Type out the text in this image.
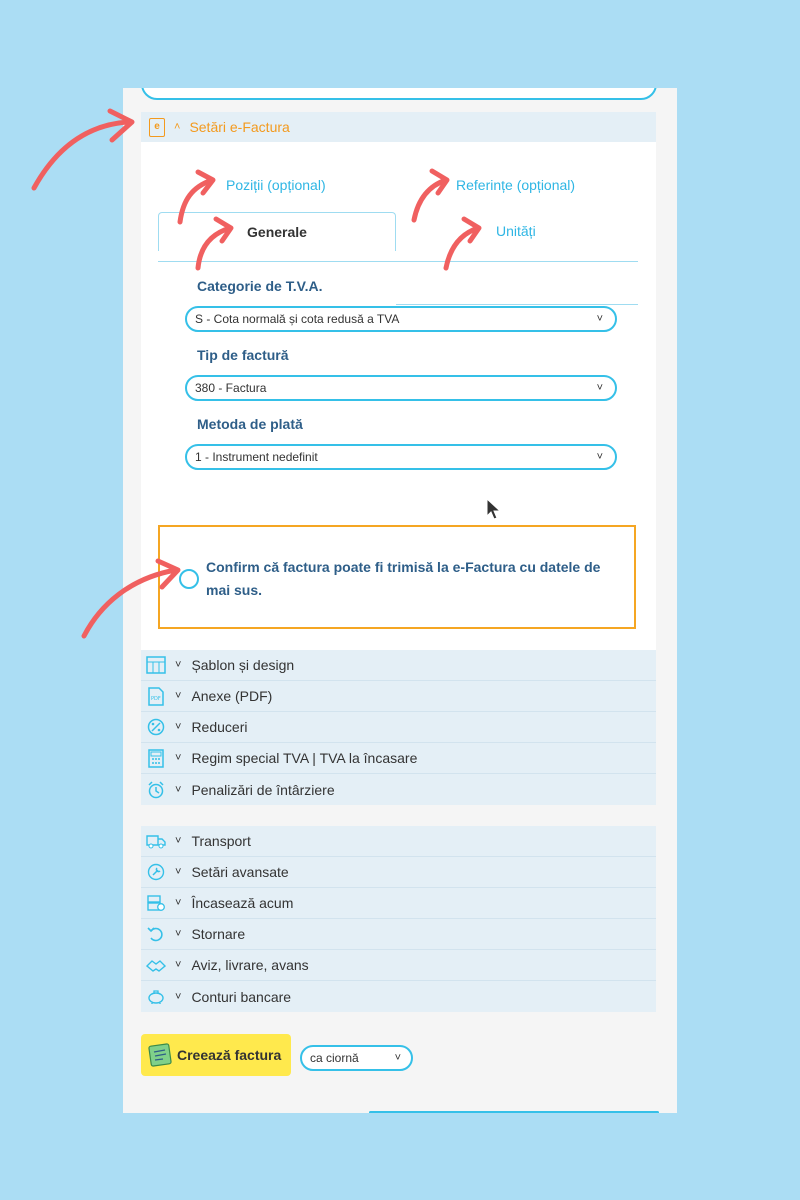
e	˄ Setări e-Factura
Poziții (opțional)	Referințe (opțional)
Generale	Unități
Categorie de T.V.A.
S - Cota normală și cota redusă a TVA	˅
Tip de factură
380 - Factura	˅
Metoda de plată
1 - Instrument nedefinit	˅
Confirm că factura poate fi trimisă la e-Factura cu datele de mai sus.
˅ Șablon și design
PDF ˅ Anexe (PDF)
˅ Reduceri
˅ Regim special TVA | TVA la încasare
˅ Penalizări de întârziere
˅ Transport
˅ Setări avansate
˅ Încasează acum
˅ Stornare
˅ Aviz, livrare, avans
˅ Conturi bancare
Creează factura	ca ciornă	˅
